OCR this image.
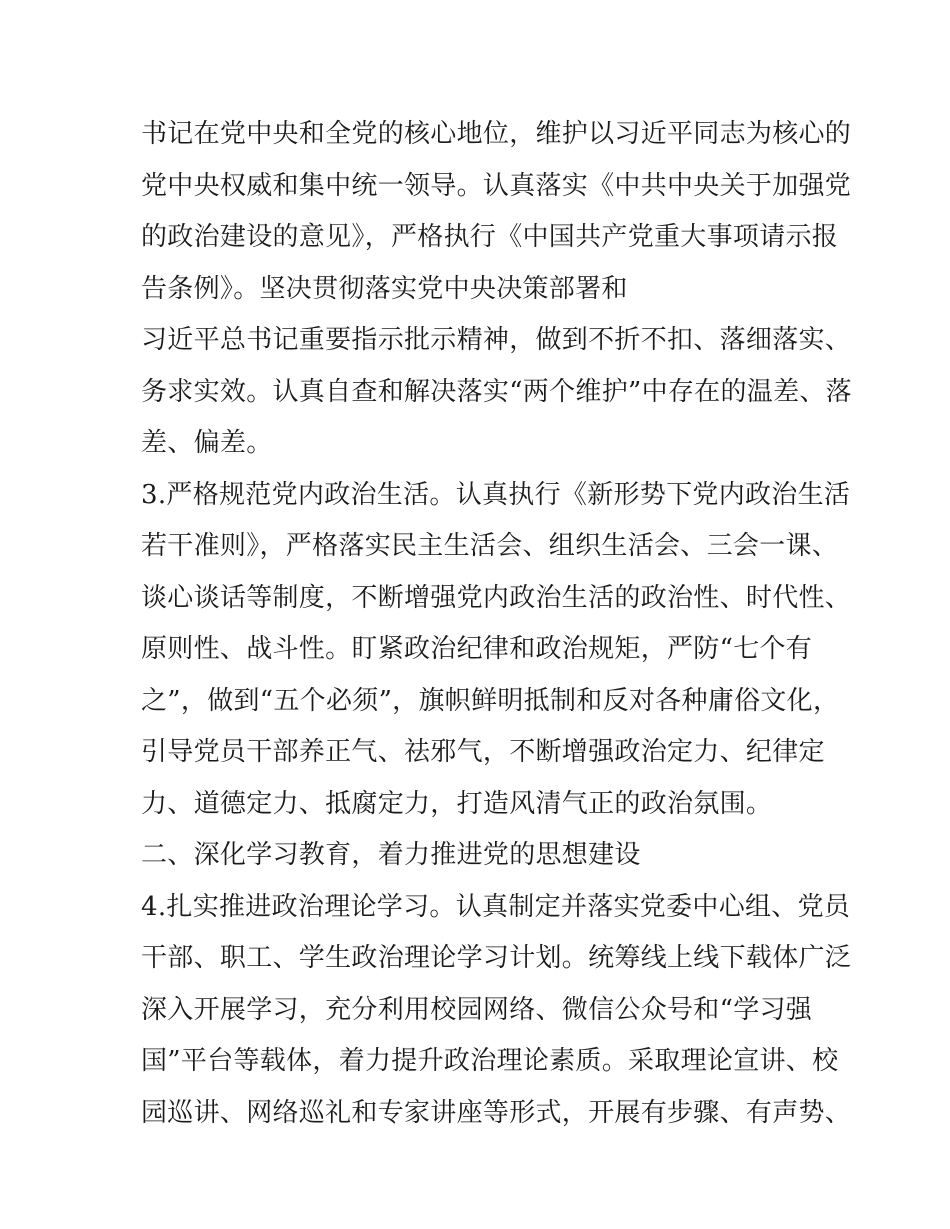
书记在党中央和全党的核心地位，维护以习近平同志为核心的
党中央权威和集中统一领导。认真落实《中共中央关于加强党
的政治建设的意见》，严格执行《中国共产党重大事项请示报
告条例》。坚决贯彻落实党中央决策部署和
习近平总书记重要指示批示精神，做到不折不扣、落细落实、
务求实效。认真自查和解决落实“两个维护”中存在的温差、落
差、偏差。
3.严格规范党内政治生活。认真执行《新形势下党内政治生活
若干准则》，严格落实民主生活会、组织生活会、三会一课、
谈心谈话等制度，不断增强党内政治生活的政治性、时代性、
原则性、战斗性。盯紧政治纪律和政治规矩，严防“七个有
之”，做到“五个必须”，旗帜鲜明抵制和反对各种庸俗文化，
引导党员干部养正气、祛邪气，不断增强政治定力、纪律定
力、道德定力、抵腐定力，打造风清气正的政治氛围。
二、深化学习教育，着力推进党的思想建设
4.扎实推进政治理论学习。认真制定并落实党委中心组、党员
干部、职工、学生政治理论学习计划。统筹线上线下载体广泛
深入开展学习，充分利用校园网络、微信公众号和“学习强
国”平台等载体，着力提升政治理论素质。采取理论宣讲、校
园巡讲、网络巡礼和专家讲座等形式，开展有步骤、有声势、
